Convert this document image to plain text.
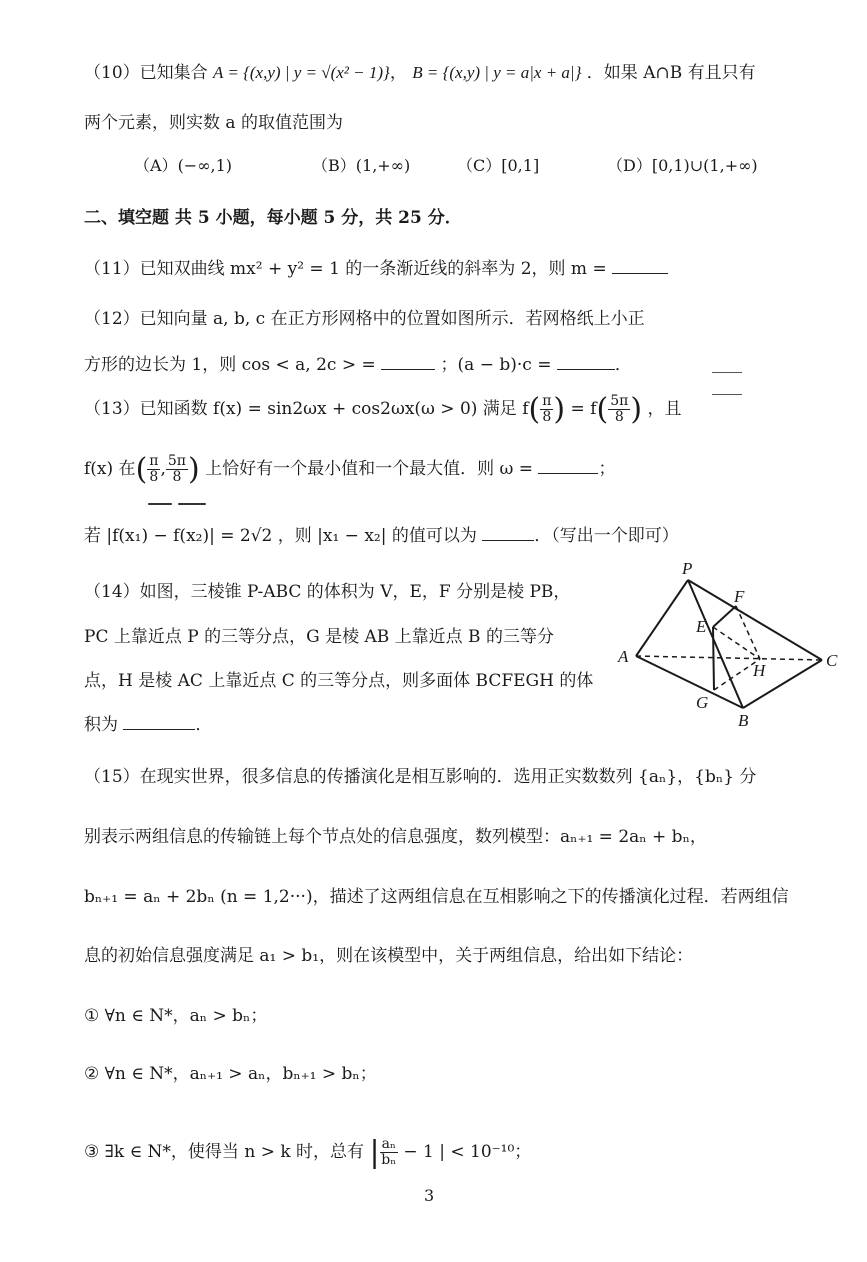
（10）已知集合 A = {(x,y) | y = √(x² − 1)}， B = {(x,y) | y = a|x + a|} ．如果 A∩B 有且只有
两个元素，则实数 a 的取值范围为
（A）(−∞,1)	（B）(1,+∞)	（C）[0,1]	（D）[0,1)∪(1,+∞)
二、填空题 共 5 小题，每小题 5 分，共 25 分．
（11）已知双曲线 mx² + y² = 1 的一条渐近线的斜率为 2，则 m =
（12）已知向量 a, b, c 在正方形网格中的位置如图所示．若网格纸上小正
方形的边长为 1，则 cos < a, 2c > =	；(a − b)·c =	．
（13）已知函数 f(x) = sin2ωx + cos2ωx(ω > 0) 满足 $f( \frac{\pi}{8}$ ) = $f( \frac{5\pi}{8}$ ) ，且
f(x) 在( $\frac{\pi}{8}$ , $\frac{5\pi}{8}$ ) 上恰好有一个最小值和一个最大值．则 ω =	；
若 |f(x₁) − f(x₂)| = 2√2 ，则 |x₁ − x₂| 的值可以为	．（写出一个即可）
（14）如图，三棱锥 P-ABC 的体积为 V，E，F 分别是棱 PB，
PC 上靠近点 P 的三等分点，G 是棱 AB 上靠近点 B 的三等分
点，H 是棱 AC 上靠近点 C 的三等分点，则多面体 BCFEGH 的体
积为	．
P
A
B
C
E
F
G
H
（15）在现实世界，很多信息的传播演化是相互影响的．选用正实数数列 {aₙ}，{bₙ} 分
别表示两组信息的传输链上每个节点处的信息强度，数列模型：aₙ₊₁ = 2aₙ + bₙ，
bₙ₊₁ = aₙ + 2bₙ (n = 1,2···)，描述了这两组信息在互相影响之下的传播演化过程．若两组信
息的初始信息强度满足 a₁ > b₁，则在该模型中，关于两组信息，给出如下结论：
① ∀n ∈ N*，aₙ > bₙ；
② ∀n ∈ N*，aₙ₊₁ > aₙ，bₙ₊₁ > bₙ；
③ ∃k ∈ N*，使得当 n > k 时，总有 | $\frac{\text{aₙ}}{\text{bₙ}} - 1$ | < 10⁻¹⁰；
3
